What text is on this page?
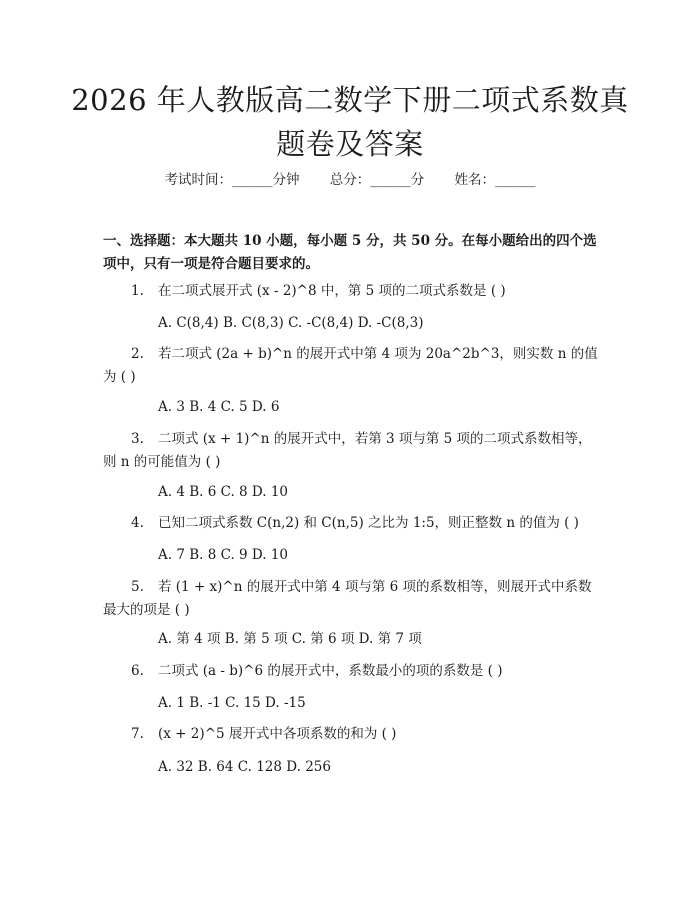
2026 年人教版高二数学下册二项式系数真题卷及答案
考试时间：______分钟 总分：______分 姓名：______
一、选择题：本大题共 10 小题，每小题 5 分，共 50 分。在每小题给出的四个选项中，只有一项是符合题目要求的。
1. 在二项式展开式 (x - 2)^8 中，第 5 项的二项式系数是 ( )
A. C(8,4) B. C(8,3) C. -C(8,4) D. -C(8,3)
2. 若二项式 (2a + b)^n 的展开式中第 4 项为 20a^2b^3，则实数 n 的值为 ( )
A. 3 B. 4 C. 5 D. 6
3. 二项式 (x + 1)^n 的展开式中，若第 3 项与第 5 项的二项式系数相等，则 n 的可能值为 ( )
A. 4 B. 6 C. 8 D. 10
4. 已知二项式系数 C(n,2) 和 C(n,5) 之比为 1:5，则正整数 n 的值为 ( )
A. 7 B. 8 C. 9 D. 10
5. 若 (1 + x)^n 的展开式中第 4 项与第 6 项的系数相等，则展开式中系数最大的项是 ( )
A. 第 4 项 B. 第 5 项 C. 第 6 项 D. 第 7 项
6. 二项式 (a - b)^6 的展开式中，系数最小的项的系数是 ( )
A. 1 B. -1 C. 15 D. -15
7. (x + 2)^5 展开式中各项系数的和为 ( )
A. 32 B. 64 C. 128 D. 256
